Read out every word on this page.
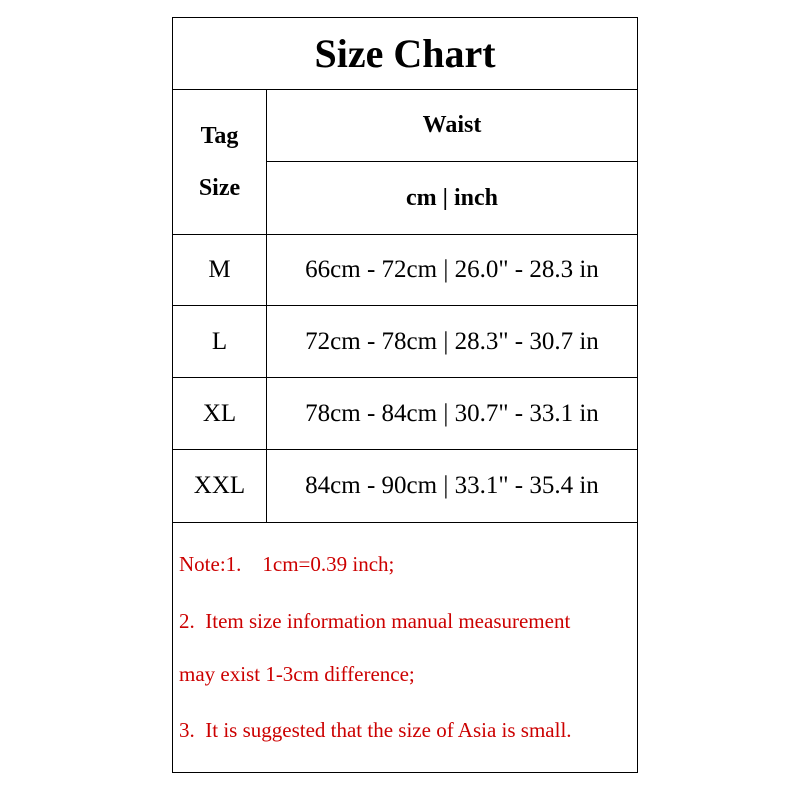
Size Chart
Tag
Size
Waist
cm | inch
M	66cm - 72cm | 26.0" - 28.3 in
L	72cm - 78cm | 28.3" - 30.7 in
XL	78cm - 84cm | 30.7" - 33.1 in
XXL	84cm - 90cm | 33.1" - 35.4 in
Note:1.    1cm=0.39 inch;
2.  Item size information manual measurement
may exist 1-3cm difference;
3.  It is suggested that the size of Asia is small.
